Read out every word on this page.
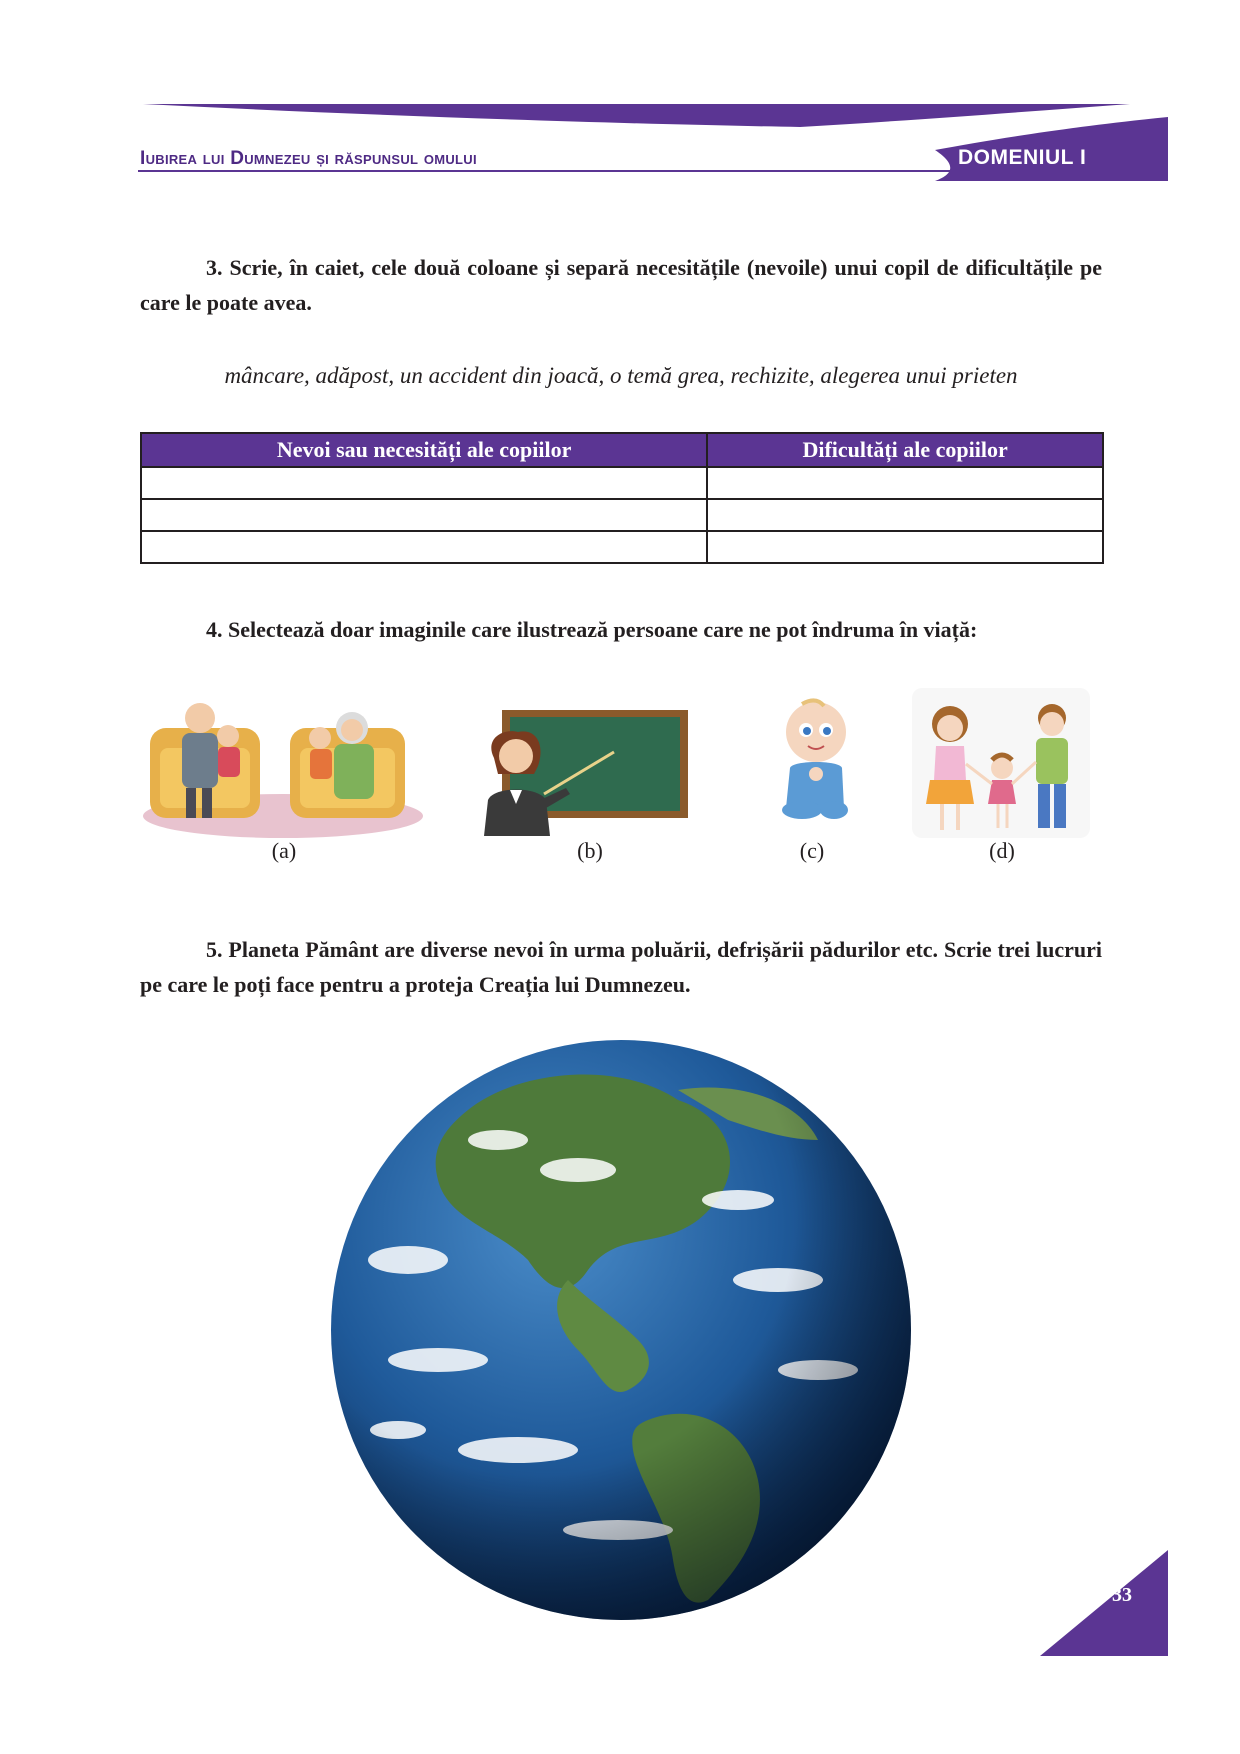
Iubirea lui Dumnezeu și răspunsul omului	DOMENIUL I
3. Scrie, în caiet, cele două coloane și separă necesitățile (nevoile) unui copil de dificultățile pe care le poate avea.
mâncare, adăpost, un accident din joacă, o temă grea, rechizite, alegerea unui prieten
Nevoi sau necesități ale copiilor	Dificultăți ale copiilor

4. Selectează doar imaginile care ilustrează persoane care ne pot îndruma în viață:
(a)	(b)	(c)	(d)
5. Planeta Pământ are diverse nevoi în urma poluării, defrișării pădurilor etc. Scrie trei lucruri pe care le poți face pentru a proteja Creația lui Dumnezeu.
33
